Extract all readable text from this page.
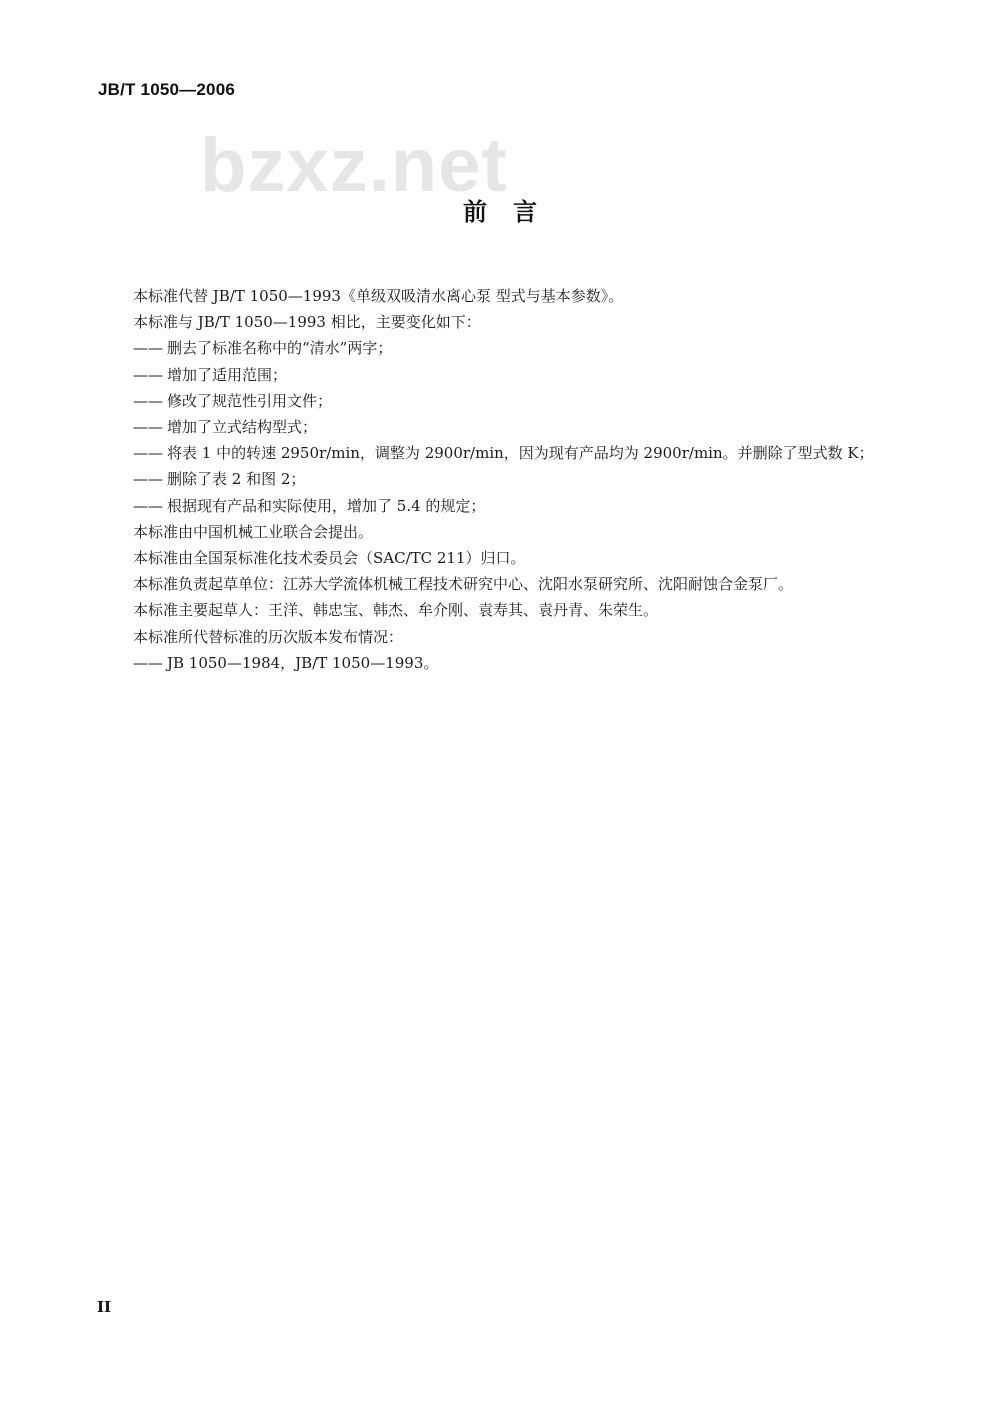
JB/T 1050—2006
bzxz.net
前言
本标准代替 JB/T 1050—1993《单级双吸清水离心泵 型式与基本参数》。
本标准与 JB/T 1050—1993 相比，主要变化如下：
—— 删去了标准名称中的“清水”两字；
—— 增加了适用范围；
—— 修改了规范性引用文件；
—— 增加了立式结构型式；
—— 将表 1 中的转速 2950r/min，调整为 2900r/min，因为现有产品均为 2900r/min。并删除了型式数 K；
—— 删除了表 2 和图 2；
—— 根据现有产品和实际使用，增加了 5.4 的规定；
本标准由中国机械工业联合会提出。
本标准由全国泵标准化技术委员会（SAC/TC 211）归口。
本标准负责起草单位：江苏大学流体机械工程技术研究中心、沈阳水泵研究所、沈阳耐蚀合金泵厂。
本标准主要起草人：王洋、韩忠宝、韩杰、牟介刚、袁寿其、袁丹青、朱荣生。
本标准所代替标准的历次版本发布情况：
—— JB 1050—1984，JB/T 1050—1993。
II
